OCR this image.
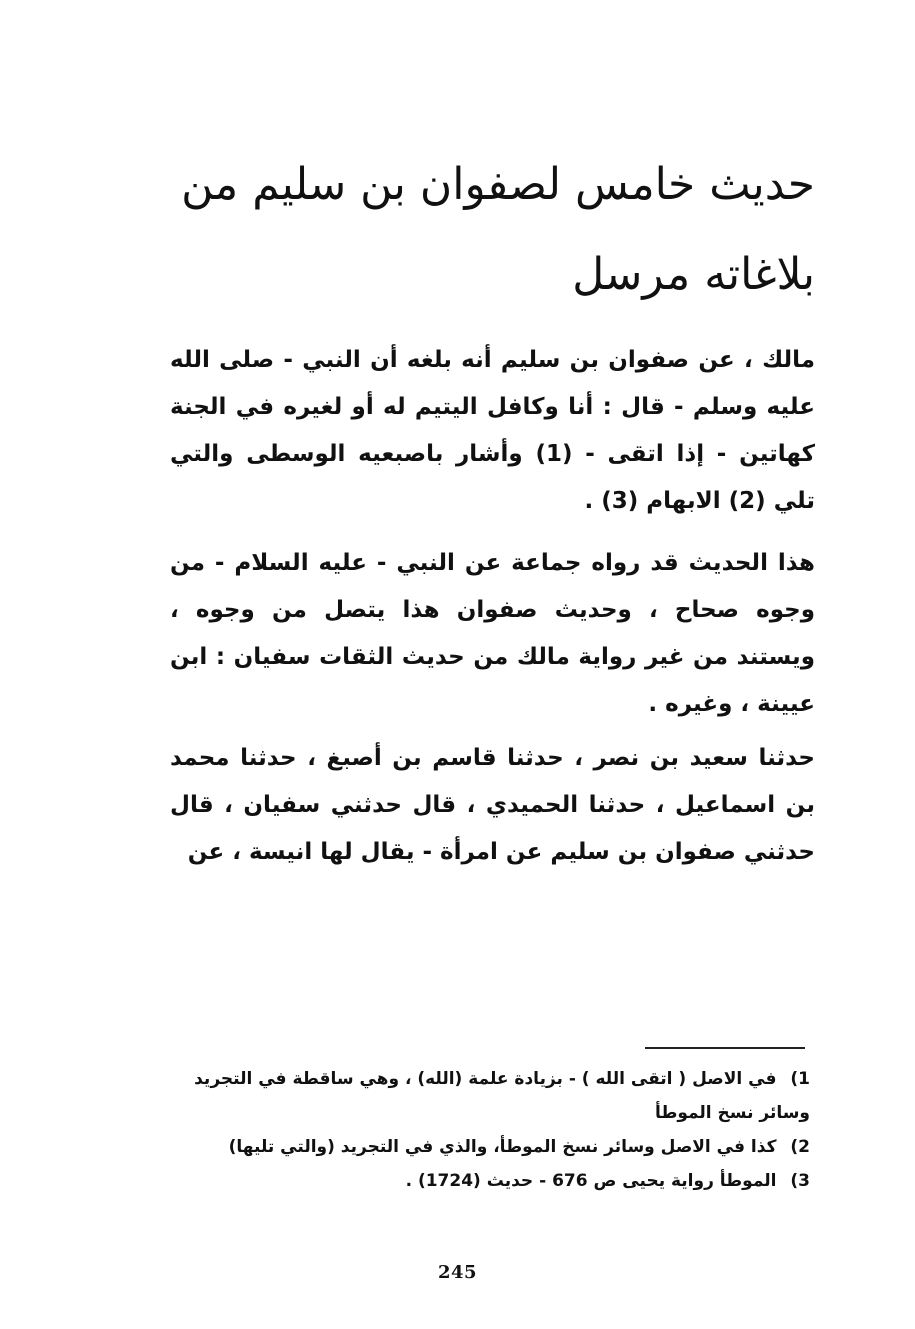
حديث خامس لصفوان بن سليم من بلاغاته مرسل

مالك ، عن صفوان بن سليم أنه بلغه أن النبي - صلى الله عليه وسلم - قال : أنا وكافل اليتيم له أو لغيره في الجنة كهاتين - إذا اتقى - (1) وأشار باصبعيه الوسطى والتي تلي (2) الابهام (3) .

هذا الحديث قد رواه جماعة عن النبي - عليه السلام - من وجوه صحاح ، وحديث صفوان هذا يتصل من وجوه ، ويستند من غير رواية مالك من حديث الثقات سفيان : ابن عيينة ، وغيره .

حدثنا سعيد بن نصر ، حدثنا قاسم بن أصبغ ، حدثنا محمد بن اسماعيل ، حدثنا الحميدي ، قال حدثني سفيان ، قال حدثني صفوان بن سليم عن امرأة - يقال لها انيسة ، عن

1) في الاصل ( اتقى الله ) - بزيادة علمة (الله) ، وهي ساقطة في التجريد وسائر نسخ الموطأ
2) كذا في الاصل وسائر نسخ الموطأ، والذي في التجريد (والتي تليها)
3) الموطأ رواية يحيى ص 676 - حديث (1724) .
245
